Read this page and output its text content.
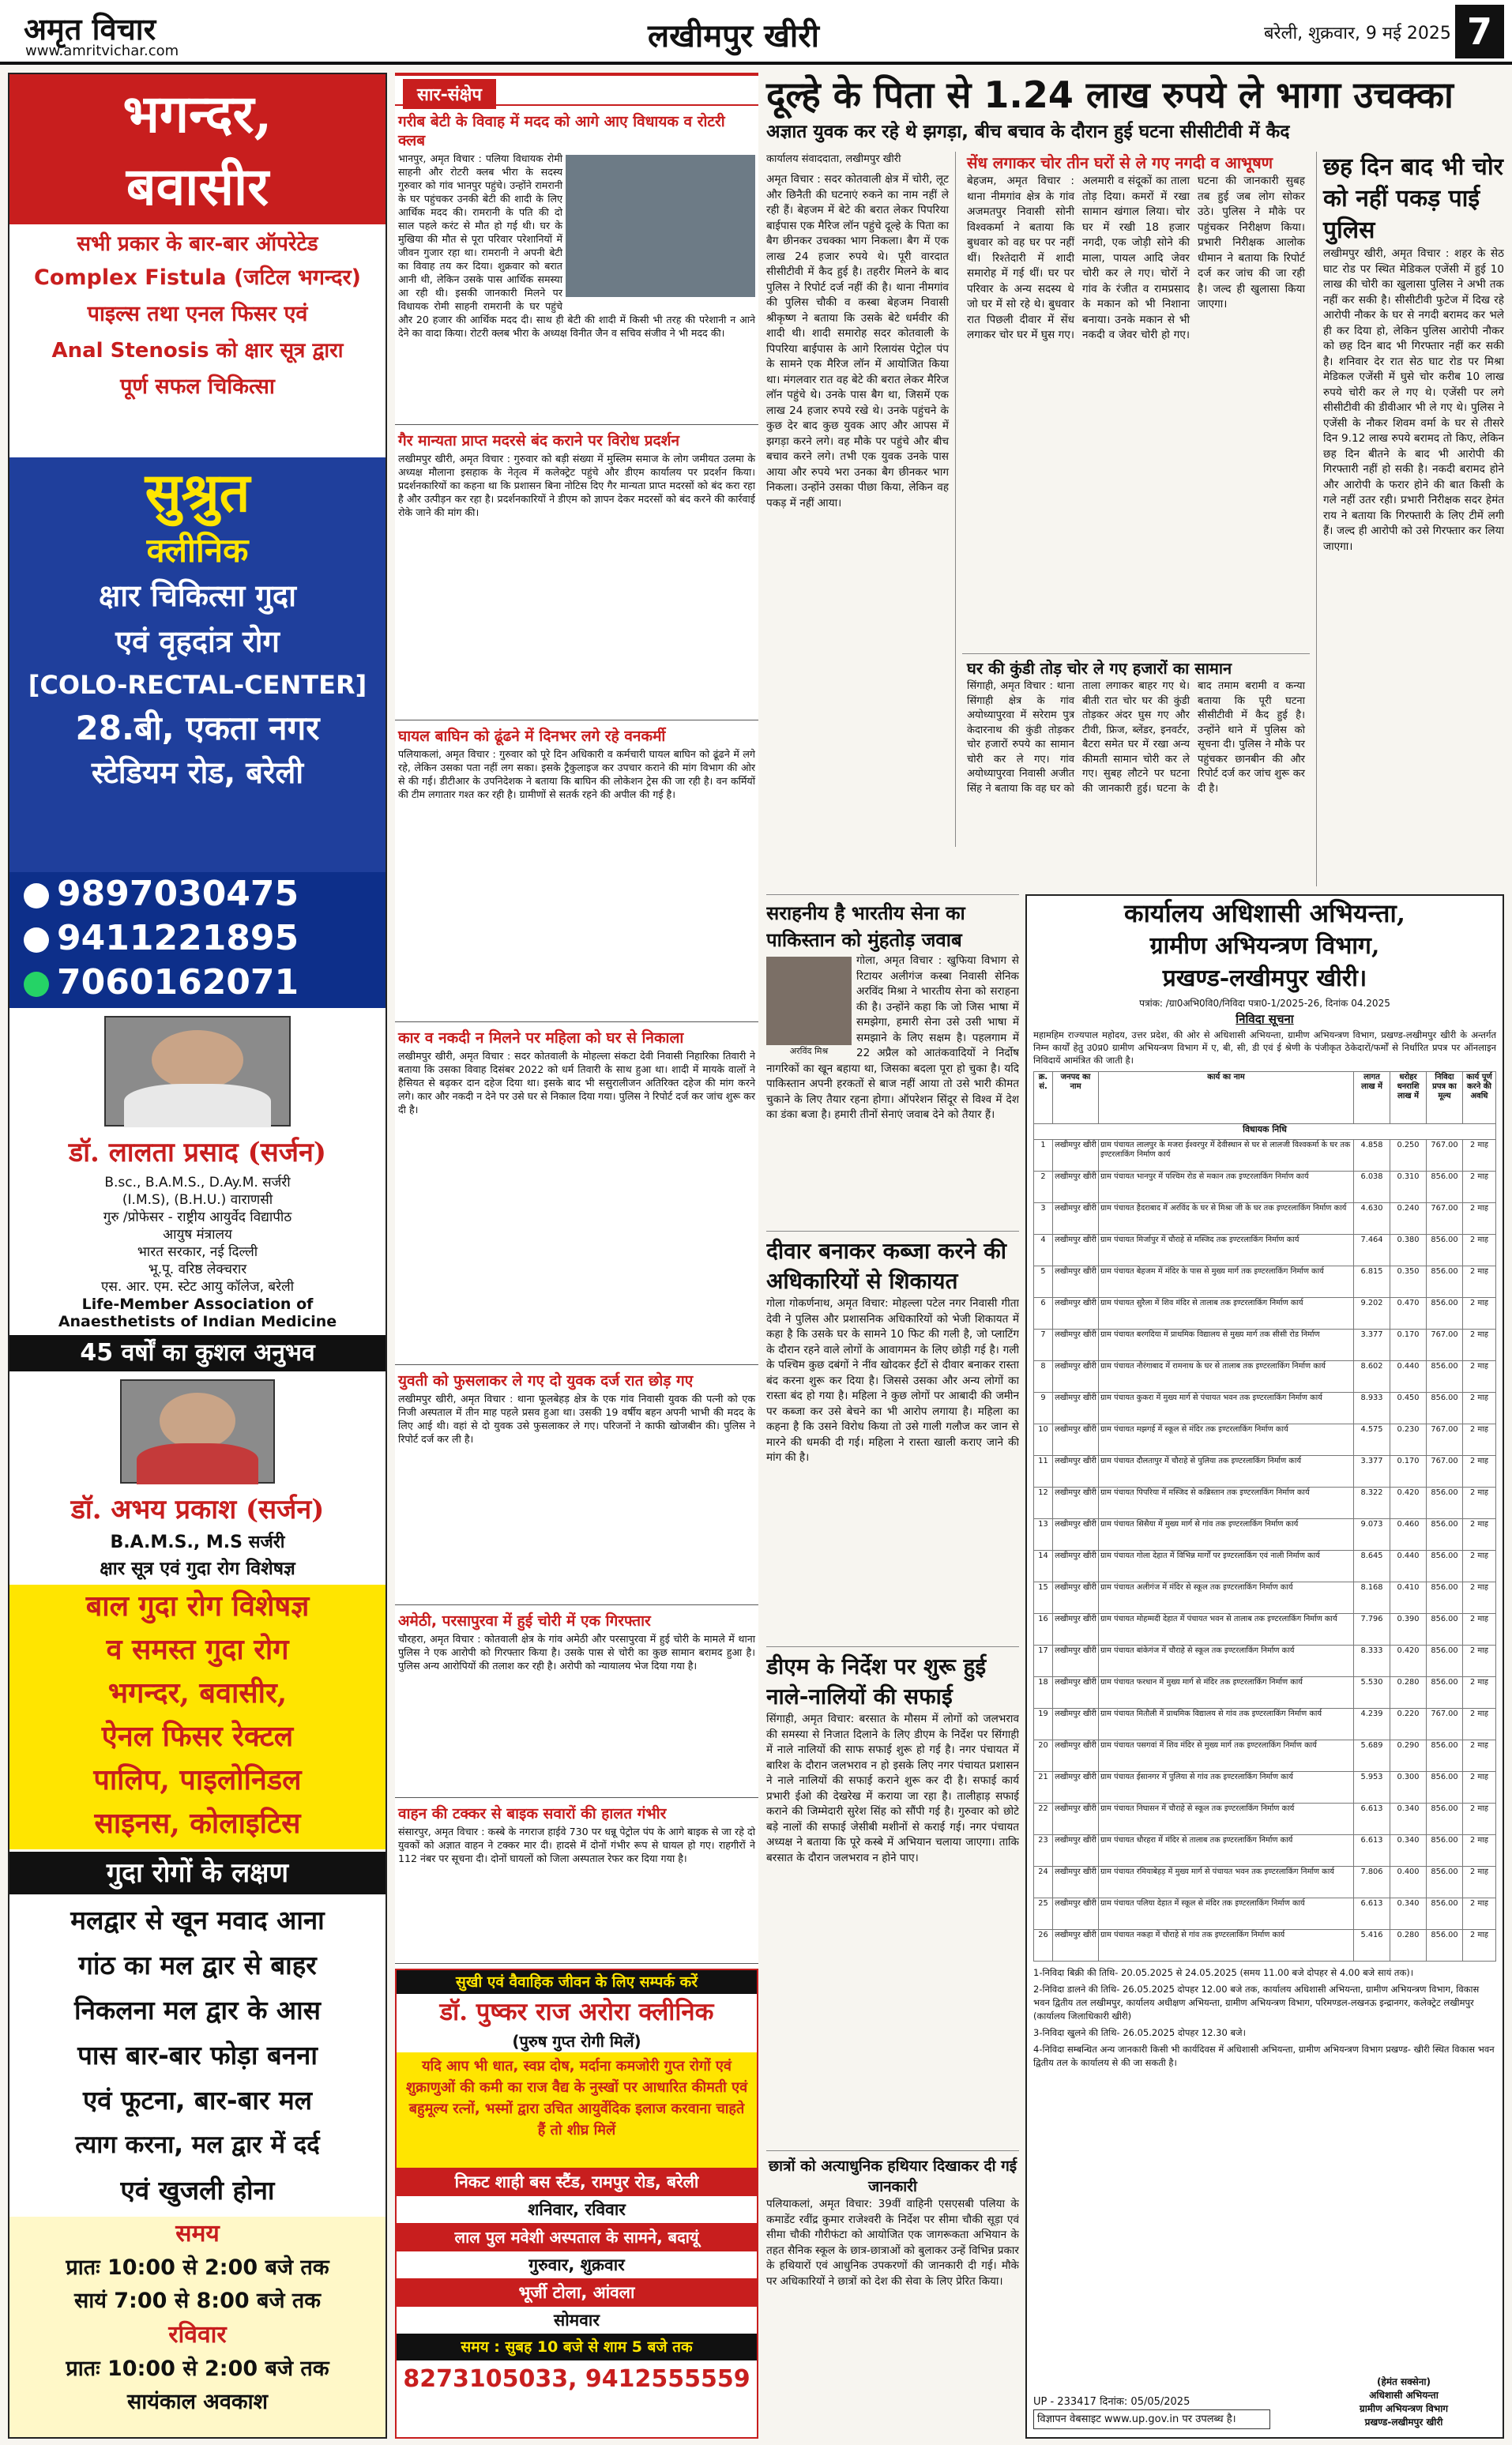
अमृत विचार
www.amritvichar.com	लखीमपुर खीरी	बरेली, शुक्रवार, 9 मई 2025 7
भगन्दर,
बवासीर
सभी प्रकार के बार-बार ऑपरेटेड
Complex Fistula (जटिल भगन्दर)
पाइल्स तथा एनल फिसर एवं
Anal Stenosis को क्षार सूत्र द्वारा
पूर्ण सफल चिकित्सा
सुश्रुत
क्लीनिक
क्षार चिकित्सा गुदा
एवं वृहदांत्र रोग
[COLO-RECTAL-CENTER]
28.बी, एकता नगर
स्टेडियम रोड, बरेली
9897030475
9411221895
7060162071
डॉ. लालता प्रसाद (सर्जन)
B.sc., B.A.M.S., D.Ay.M. सर्जरी
(I.M.S), (B.H.U.) वाराणसी
गुरु /प्रोफेसर - राष्ट्रीय आयुर्वेद विद्यापीठ
आयुष मंत्रालय
भारत सरकार, नई दिल्ली
भू.पू. वरिष्ठ लेक्चरार
एस. आर. एम. स्टेट आयु कॉलेज, बरेली
Life-Member Association of
Anaesthetists of Indian Medicine
45 वर्षों का कुशल अनुभव
डॉ. अभय प्रकाश (सर्जन)
B.A.M.S., M.S सर्जरी
क्षार सूत्र एवं गुदा रोग विशेषज्ञ
बाल गुदा रोग विशेषज्ञ
व समस्त गुदा रोग
भगन्दर, बवासीर,
ऐनल फिसर रेक्टल
पालिप, पाइलोनिडल
साइनस, कोलाइटिस
गुदा रोगों के लक्षण
मलद्वार से खून मवाद आना
गांठ का मल द्वार से बाहर
निकलना मल द्वार के आस
पास बार-बार फोड़ा बनना
एवं फूटना, बार-बार मल
त्याग करना, मल द्वार में दर्द
एवं खुजली होना
समय
प्रातः 10:00 से 2:00 बजे तक
सायं 7:00 से 8:00 बजे तक
रविवार
प्रातः 10:00 से 2:00 बजे तक
सायंकाल अवकाश
सार-संक्षेप
गरीब बेटी के विवाह में मदद को आगे आए विधायक व रोटरी क्लब

भानपुर, अमृत विचार : पलिया विधायक रोमी साहनी और रोटरी क्लब भीरा के सदस्य गुरुवार को गांव भानपुर पहुंचे। उन्होंने रामरानी के घर पहुंचकर उनकी बेटी की शादी के लिए आर्थिक मदद की। रामरानी के पति की दो साल पहले करंट से मौत हो गई थी। घर के मुखिया की मौत से पूरा परिवार परेशानियों में जीवन गुजार रहा था। रामरानी ने अपनी बेटी का विवाह तय कर दिया। शुक्रवार को बरात आनी थी, लेकिन उसके पास आर्थिक समस्या आ रही थी। इसकी जानकारी मिलने पर विधायक रोमी साहनी रामरानी के घर पहुंचे और 20 हजार की आर्थिक मदद दी। साथ ही बेटी की शादी में किसी भी तरह की परेशानी न आने देने का वादा किया। रोटरी क्लब भीरा के अध्यक्ष विनीत जैन व सचिव संजीव ने भी मदद की।

गैर मान्यता प्राप्त मदरसे बंद कराने पर विरोध प्रदर्शन

लखीमपुर खीरी, अमृत विचार : गुरुवार को बड़ी संख्या में मुस्लिम समाज के लोग जमीयत उलमा के अध्यक्ष मौलाना इसहाक के नेतृत्व में कलेक्ट्रेट पहुंचे और डीएम कार्यालय पर प्रदर्शन किया। प्रदर्शनकारियों का कहना था कि प्रशासन बिना नोटिस दिए गैर मान्यता प्राप्त मदरसों को बंद करा रहा है और उत्पीड़न कर रहा है। प्रदर्शनकारियों ने डीएम को ज्ञापन देकर मदरसों को बंद करने की कार्रवाई रोके जाने की मांग की।

घायल बाघिन को ढूंढने में दिनभर लगे रहे वनकर्मी

पलियाकलां, अमृत विचार : गुरुवार को पूरे दिन अधिकारी व कर्मचारी घायल बाघिन को ढूंढने में लगे रहे, लेकिन उसका पता नहीं लग सका। इसके ट्रैकुलाइज कर उपचार कराने की मांग विभाग की ओर से की गई। डीटीआर के उपनिदेशक ने बताया कि बाघिन की लोकेशन ट्रेस की जा रही है। वन कर्मियों की टीम लगातार गश्त कर रही है। ग्रामीणों से सतर्क रहने की अपील की गई है।

कार व नकदी न मिलने पर महिला को घर से निकाला

लखीमपुर खीरी, अमृत विचार : सदर कोतवाली के मोहल्ला संकटा देवी निवासी निहारिका तिवारी ने बताया कि उसका विवाह दिसंबर 2022 को धर्म तिवारी के साथ हुआ था। शादी में मायके वालों ने हैसियत से बढ़कर दान दहेज दिया था। इसके बाद भी ससुरालीजन अतिरिक्त दहेज की मांग करने लगे। कार और नकदी न देने पर उसे घर से निकाल दिया गया। पुलिस ने रिपोर्ट दर्ज कर जांच शुरू कर दी है।

युवती को फुसलाकर ले गए दो युवक दर्ज रात छोड़ गए

लखीमपुर खीरी, अमृत विचार : थाना फूलबेहड़ क्षेत्र के एक गांव निवासी युवक की पत्नी को एक निजी अस्पताल में तीन माह पहले प्रसव हुआ था। उसकी 19 वर्षीय बहन अपनी भाभी की मदद के लिए आई थी। वहां से दो युवक उसे फुसलाकर ले गए। परिजनों ने काफी खोजबीन की। पुलिस ने रिपोर्ट दर्ज कर ली है।

अमेठी, परसापुरवा में हुई चोरी में एक गिरफ्तार

चौरहरा, अमृत विचार : कोतवाली क्षेत्र के गांव अमेठी और परसापुरवा में हुई चोरी के मामले में थाना पुलिस ने एक आरोपी को गिरफ्तार किया है। उसके पास से चोरी का कुछ सामान बरामद हुआ है। पुलिस अन्य आरोपियों की तलाश कर रही है। अरोपी को न्यायालय भेज दिया गया है।

वाहन की टक्कर से बाइक सवारों की हालत गंभीर

संसारपुर, अमृत विचार : कस्बे के नगराज हाईवे 730 पर धन्नू पेट्रोल पंप के आगे बाइक से जा रहे दो युवकों को अज्ञात वाहन ने टक्कर मार दी। हादसे में दोनों गंभीर रूप से घायल हो गए। राहगीरों ने 112 नंबर पर सूचना दी। दोनों घायलों को जिला अस्पताल रेफर कर दिया गया है।

सुखी एवं वैवाहिक जीवन के लिए सम्पर्क करें
डॉ. पुष्कर राज अरोरा क्लीनिक
(पुरुष गुप्त रोगी मिलें)
यदि आप भी धात, स्वप्न दोष, मर्दाना कमजोरी गुप्त रोगों एवं शुक्राणुओं की कमी का राज वैद्य के नुस्खों पर आधारित कीमती एवं बहुमूल्य रत्नों, भस्मों द्वारा उचित आयुर्वेदिक इलाज करवाना चाहते हैं तो शीघ्र मिलें
निकट शाही बस स्टैंड, रामपुर रोड, बरेली
शनिवार, रविवार
लाल पुल मवेशी अस्पताल के सामने, बदायूं
गुरुवार, शुक्रवार
भूर्जी टोला, आंवला
सोमवार
समय : सुबह 10 बजे से शाम 5 बजे तक
8273105033, 9412555559
दूल्हे के पिता से 1.24 लाख रुपये ले भागा उचक्का
अज्ञात युवक कर रहे थे झगड़ा, बीच बचाव के दौरान हुई घटना सीसीटीवी में कैद
कार्यालय संवाददाता, लखीमपुर खीरी
अमृत विचार : सदर कोतवाली क्षेत्र में चोरी, लूट और छिनैती की घटनाएं रुकने का नाम नहीं ले रही हैं। बेहजम में बेटे की बरात लेकर पिपरिया बाईपास एक मैरिज लॉन पहुंचे दूल्हे के पिता का बैग छीनकर उचक्का भाग निकला। बैग में एक लाख 24 हजार रुपये थे। पूरी वारदात सीसीटीवी में कैद हुई है। तहरीर मिलने के बाद पुलिस ने रिपोर्ट दर्ज नहीं की है। थाना नीमगांव की पुलिस चौकी व कस्बा बेहजम निवासी श्रीकृष्ण ने बताया कि उसके बेटे धर्मवीर की शादी थी। शादी समारोह सदर कोतवाली के पिपरिया बाईपास के आगे रिलायंस पेट्रोल पंप के सामने एक मैरिज लॉन में आयोजित किया था। मंगलवार रात वह बेटे की बरात लेकर मैरिज लॉन पहुंचे थे। उनके पास बैग था, जिसमें एक लाख 24 हजार रुपये रखे थे। उनके पहुंचने के कुछ देर बाद कुछ युवक आए और आपस में झगड़ा करने लगे। वह मौके पर पहुंचे और बीच बचाव करने लगे। तभी एक युवक उनके पास आया और रुपये भरा उनका बैग छीनकर भाग निकला। उन्होंने उसका पीछा किया, लेकिन वह पकड़ में नहीं आया।
सेंध लगाकर चोर तीन घरों से ले गए नगदी व आभूषण
बेहजम, अमृत विचार : थाना नीमगांव क्षेत्र के गांव अजमतपुर निवासी सोनी विश्वकर्मा ने बताया कि बुधवार को वह घर पर नहीं थीं। रिश्तेदारी में शादी समारोह में गई थीं। घर पर परिवार के अन्य सदस्य थे जो घर में सो रहे थे। बुधवार रात पिछली दीवार में सेंध लगाकर चोर घर में घुस गए। अलमारी व संदूकों का ताला तोड़ दिया। कमरों में रखा सामान खंगाल लिया। चोर घर में रखी 18 हजार नगदी, एक जोड़ी सोने की माला, पायल आदि जेवर चोरी कर ले गए। चोरों ने गांव के रंजीत व रामप्रसाद के मकान को भी निशाना बनाया। उनके मकान से भी नकदी व जेवर चोरी हो गए। घटना की जानकारी सुबह तब हुई जब लोग सोकर उठे। पुलिस ने मौके पर पहुंचकर निरीक्षण किया। प्रभारी निरीक्षक आलोक धीमान ने बताया कि रिपोर्ट दर्ज कर जांच की जा रही है। जल्द ही खुलासा किया जाएगा।
छह दिन बाद भी चोर को नहीं पकड़ पाई पुलिस
लखीमपुर खीरी, अमृत विचार : शहर के सेठ घाट रोड पर स्थित मेडिकल एजेंसी में हुई 10 लाख की चोरी का खुलासा पुलिस ने अभी तक नहीं कर सकी है। सीसीटीवी फुटेज में दिख रहे आरोपी नौकर के घर से नगदी बरामद कर भले ही कर दिया हो, लेकिन पुलिस आरोपी नौकर को छह दिन बाद भी गिरफ्तार नहीं कर सकी है। शनिवार देर रात सेठ घाट रोड पर मिश्रा मेडिकल एजेंसी में घुसे चोर करीब 10 लाख रुपये चोरी कर ले गए थे। एजेंसी पर लगे सीसीटीवी की डीवीआर भी ले गए थे। पुलिस ने एजेंसी के नौकर शिवम वर्मा के घर से तीसरे दिन 9.12 लाख रुपये बरामद तो किए, लेकिन छह दिन बीतने के बाद भी आरोपी की गिरफ्तारी नहीं हो सकी है। नकदी बरामद होने और आरोपी के फरार होने की बात किसी के गले नहीं उतर रही। प्रभारी निरीक्षक सदर हेमंत राय ने बताया कि गिरफ्तारी के लिए टीमें लगी हैं। जल्द ही आरोपी को उसे गिरफ्तार कर लिया जाएगा।
घर की कुंडी तोड़ चोर ले गए हजारों का सामान
सिंगाही, अमृत विचार : थाना सिंगाही क्षेत्र के गांव अयोध्यापुरवा में सरेराम पुत्र केदारनाथ की कुंडी तोड़कर चोर हजारों रुपये का सामान चोरी कर ले गए। गांव अयोध्यापुरवा निवासी अजीत सिंह ने बताया कि वह घर को ताला लगाकर बाहर गए थे। बीती रात चोर घर की कुंडी तोड़कर अंदर घुस गए और टीवी, फ्रिज, ब्लेंडर, इनवर्टर, बैटरा समेत घर में रखा अन्य कीमती सामान चोरी कर ले गए। सुबह लौटने पर घटना की जानकारी हुई। घटना के बाद तमाम बरामी व कन्या बताया कि पूरी घटना सीसीटीवी में कैद हुई है। उन्होंने थाने में पुलिस को सूचना दी। पुलिस ने मौके पर पहुंचकर छानबीन की और रिपोर्ट दर्ज कर जांच शुरू कर दी है।
सराहनीय है भारतीय सेना का पाकिस्तान को मुंहतोड़ जवाब
अरविंद मिश्र
गोला, अमृत विचार : खुफिया विभाग से रिटायर अलीगंज कस्बा निवासी सेनिक अरविंद मिश्रा ने भारतीय सेना को सराहना की है। उन्होंने कहा कि जो जिस भाषा में समझेगा, हमारी सेना उसे उसी भाषा में समझाने के लिए सक्षम है। पहलगाम में 22 अप्रैल को आतंकवादियों ने निर्दोष नागरिकों का खून बहाया था, जिसका बदला पूरा हो चुका है। यदि पाकिस्तान अपनी हरकतों से बाज नहीं आया तो उसे भारी कीमत चुकाने के लिए तैयार रहना होगा। ऑपरेशन सिंदूर से विश्व में देश का डंका बजा है। हमारी तीनों सेनाएं जवाब देने को तैयार हैं।
दीवार बनाकर कब्जा करने की अधिकारियों से शिकायत
गोला गोकर्णनाथ, अमृत विचार: मोहल्ला पटेल नगर निवासी गीता देवी ने पुलिस और प्रशासनिक अधिकारियों को भेजी शिकायत में कहा है कि उसके घर के सामने 10 फिट की गली है, जो प्लाटिंग के दौरान रहने वाले लोगों के आवागमन के लिए छोड़ी गई है। गली के पश्चिम कुछ दबंगों ने नींव खोदकर ईंटों से दीवार बनाकर रास्ता बंद करना शुरू कर दिया है। जिससे उसका और अन्य लोगों का रास्ता बंद हो गया है। महिला ने कुछ लोगों पर आबादी की जमीन पर कब्जा कर उसे बेचने का भी आरोप लगाया है। महिला का कहना है कि उसने विरोध किया तो उसे गाली गलौज कर जान से मारने की धमकी दी गई। महिला ने रास्ता खाली कराए जाने की मांग की है।
डीएम के निर्देश पर शुरू हुई नाले-नालियों की सफाई
सिंगाही, अमृत विचार: बरसात के मौसम में लोगों को जलभराव की समस्या से निजात दिलाने के लिए डीएम के निर्देश पर सिंगाही में नाले नालियों की साफ सफाई शुरू हो गई है। नगर पंचायत में बारिश के दौरान जलभराव न हो इसके लिए नगर पंचायत प्रशासन ने नाले नालियों की सफाई कराने शुरू कर दी है। सफाई कार्य प्रभारी ईओ की देखरेख में कराया जा रहा है। तालीहाड़ सफाई कराने की जिम्मेदारी सुरेश सिंह को सौंपी गई है। गुरुवार को छोटे बड़े नालों की सफाई जेसीबी मशीनों से कराई गई। नगर पंचायत अध्यक्ष ने बताया कि पूरे कस्बे में अभियान चलाया जाएगा। ताकि बरसात के दौरान जलभराव न होने पाए।
छात्रों को अत्याधुनिक हथियार दिखाकर दी गई जानकारी
पलियाकलां, अमृत विचार: 39वीं वाहिनी एसएसबी पलिया के कमाडेंट रवींद्र कुमार राजेश्वरी के निर्देश पर सीमा चौकी सूड़ा एवं सीमा चौकी गौरीफंटा को आयोजित एक जागरूकता अभियान के तहत सैनिक स्कूल के छात्र-छात्राओं को बुलाकर उन्हें विभिन्न प्रकार के हथियारों एवं आधुनिक उपकरणों की जानकारी दी गई। मौके पर अधिकारियों ने छात्रों को देश की सेवा के लिए प्रेरित किया।
कार्यालय अधिशासी अभियन्ता,
ग्रामीण अभियन्त्रण विभाग,
प्रखण्ड-लखीमपुर खीरी।
पत्रांक: /ग्रा0अभि0वि0/निविदा पत्रा0-1/2025-26, दिनांक 04.2025
निविदा सूचना
महामहिम राज्यपाल महोदय, उत्तर प्रदेश, की ओर से अधिशासी अभियन्ता, ग्रामीण अभियन्त्रण विभाग, प्रखण्ड-लखीमपुर खीरी के अन्तर्गत निम्न कार्यों हेतु उ0प्र0 ग्रामीण अभियन्त्रण विभाग में ए, बी, सी, डी एवं ई श्रेणी के पंजीकृत ठेकेदारों/फर्मों से निर्धारित प्रपत्र पर ऑनलाइन निविदायें आमंत्रित की जाती है।
क्र. सं.	जनपद का नाम	कार्य का नाम	लागत लाख में	धरोहर धनराशि लाख में	निविदा प्रपत्र का मूल्य	कार्य पूर्ण करने की अवधि
विधायक निधि						
1	लखीमपुर खीरी	ग्राम पंचायत लालपुर के मजरा ईश्वरपुर में देवीस्थान से घर से लालजी विश्वकर्मा के घर तक इण्टरलाकिंग निर्माण कार्य	4.858	0.250	767.00	2 माह
2	लखीमपुर खीरी	ग्राम पंचायत भानपुर में पश्चिम रोड से मकान तक इण्टरलाकिंग निर्माण कार्य	6.038	0.310	856.00	2 माह
3	लखीमपुर खीरी	ग्राम पंचायत हैदराबाद में अरविंद के घर से मिश्रा जी के घर तक इण्टरलाकिंग निर्माण कार्य	4.630	0.240	767.00	2 माह
4	लखीमपुर खीरी	ग्राम पंचायत मिर्जापुर में चौराहे से मस्जिद तक इण्टरलाकिंग निर्माण कार्य	7.464	0.380	856.00	2 माह
5	लखीमपुर खीरी	ग्राम पंचायत बेहजम में मंदिर के पास से मुख्य मार्ग तक इण्टरलाकिंग निर्माण कार्य	6.815	0.350	856.00	2 माह
6	लखीमपुर खीरी	ग्राम पंचायत सुरैला में शिव मंदिर से तालाब तक इण्टरलाकिंग निर्माण कार्य	9.202	0.470	856.00	2 माह
7	लखीमपुर खीरी	ग्राम पंचायत बरगदिया में प्राथमिक विद्यालय से मुख्य मार्ग तक सीसी रोड निर्माण	3.377	0.170	767.00	2 माह
8	लखीमपुर खीरी	ग्राम पंचायत नौरंगाबाद में रामनाथ के घर से तालाब तक इण्टरलाकिंग निर्माण कार्य	8.602	0.440	856.00	2 माह
9	लखीमपुर खीरी	ग्राम पंचायत कुकरा में मुख्य मार्ग से पंचायत भवन तक इण्टरलाकिंग निर्माण कार्य	8.933	0.450	856.00	2 माह
10	लखीमपुर खीरी	ग्राम पंचायत मझगई में स्कूल से मंदिर तक इण्टरलाकिंग निर्माण कार्य	4.575	0.230	767.00	2 माह
11	लखीमपुर खीरी	ग्राम पंचायत दौलतापुर में चौराहे से पुलिया तक इण्टरलाकिंग निर्माण कार्य	3.377	0.170	767.00	2 माह
12	लखीमपुर खीरी	ग्राम पंचायत पिपरिया में मस्जिद से कब्रिस्तान तक इण्टरलाकिंग निर्माण कार्य	8.322	0.420	856.00	2 माह
13	लखीमपुर खीरी	ग्राम पंचायत सिसैया में मुख्य मार्ग से गांव तक इण्टरलाकिंग निर्माण कार्य	9.073	0.460	856.00	2 माह
14	लखीमपुर खीरी	ग्राम पंचायत गोला देहात में विभिन्न मार्गों पर इण्टरलाकिंग एवं नाली निर्माण कार्य	8.645	0.440	856.00	2 माह
15	लखीमपुर खीरी	ग्राम पंचायत अलीगंज में मंदिर से स्कूल तक इण्टरलाकिंग निर्माण कार्य	8.168	0.410	856.00	2 माह
16	लखीमपुर खीरी	ग्राम पंचायत मोहम्मदी देहात में पंचायत भवन से तालाब तक इण्टरलाकिंग निर्माण कार्य	7.796	0.390	856.00	2 माह
17	लखीमपुर खीरी	ग्राम पंचायत बांकेगंज में चौराहे से स्कूल तक इण्टरलाकिंग निर्माण कार्य	8.333	0.420	856.00	2 माह
18	लखीमपुर खीरी	ग्राम पंचायत फरधान में मुख्य मार्ग से मंदिर तक इण्टरलाकिंग निर्माण कार्य	5.530	0.280	856.00	2 माह
19	लखीमपुर खीरी	ग्राम पंचायत मितौली में प्राथमिक विद्यालय से गांव तक इण्टरलाकिंग निर्माण कार्य	4.239	0.220	767.00	2 माह
20	लखीमपुर खीरी	ग्राम पंचायत पसगवां में शिव मंदिर से मुख्य मार्ग तक इण्टरलाकिंग निर्माण कार्य	5.689	0.290	856.00	2 माह
21	लखीमपुर खीरी	ग्राम पंचायत ईसानगर में पुलिया से गांव तक इण्टरलाकिंग निर्माण कार्य	5.953	0.300	856.00	2 माह
22	लखीमपुर खीरी	ग्राम पंचायत निघासन में चौराहे से स्कूल तक इण्टरलाकिंग निर्माण कार्य	6.613	0.340	856.00	2 माह
23	लखीमपुर खीरी	ग्राम पंचायत धौरहरा में मंदिर से तालाब तक इण्टरलाकिंग निर्माण कार्य	6.613	0.340	856.00	2 माह
24	लखीमपुर खीरी	ग्राम पंचायत रमियाबेहड़ में मुख्य मार्ग से पंचायत भवन तक इण्टरलाकिंग निर्माण कार्य	7.806	0.400	856.00	2 माह
25	लखीमपुर खीरी	ग्राम पंचायत पलिया देहात में स्कूल से मंदिर तक इण्टरलाकिंग निर्माण कार्य	6.613	0.340	856.00	2 माह
26	लखीमपुर खीरी	ग्राम पंचायत नकहा में चौराहे से गांव तक इण्टरलाकिंग निर्माण कार्य	5.416	0.280	856.00	2 माह
1-निविदा बिक्री की तिथि- 20.05.2025 से 24.05.2025 (समय 11.00 बजे दोपहर से 4.00 बजे सायं तक)।
2-निविदा डालने की तिथि- 26.05.2025 दोपहर 12.00 बजे तक, कार्यालय अधिशासी अभियन्ता, ग्रामीण अभियन्त्रण विभाग, विकास भवन द्वितीय तल लखीमपुर, कार्यालय अधीक्षण अभियन्ता, ग्रामीण अभियन्त्रण विभाग, परिमण्डल-लखनऊ इन्द्रानगर, कलेक्ट्रेट लखीमपुर (कार्यालय जिलाधिकारी खीरी)
3-निविदा खुलने की तिथि- 26.05.2025 दोपहर 12.30 बजे।
4-निविदा सम्बन्धित अन्य जानकारी किसी भी कार्यदिवस में अधिशासी अभियन्ता, ग्रामीण अभियन्त्रण विभाग प्रखण्ड- खीरी स्थित विकास भवन द्वितीय तल के कार्यालय से की जा सकती है।
UP - 233417 दिनांक: 05/05/2025
विज्ञापन वेबसाइट www.up.gov.in पर उपलब्ध है।
(हेमंत सक्सेना)
अधिशासी अभियन्ता
ग्रामीण अभियन्त्रण विभाग
प्रखण्ड-लखीमपुर खीरी
